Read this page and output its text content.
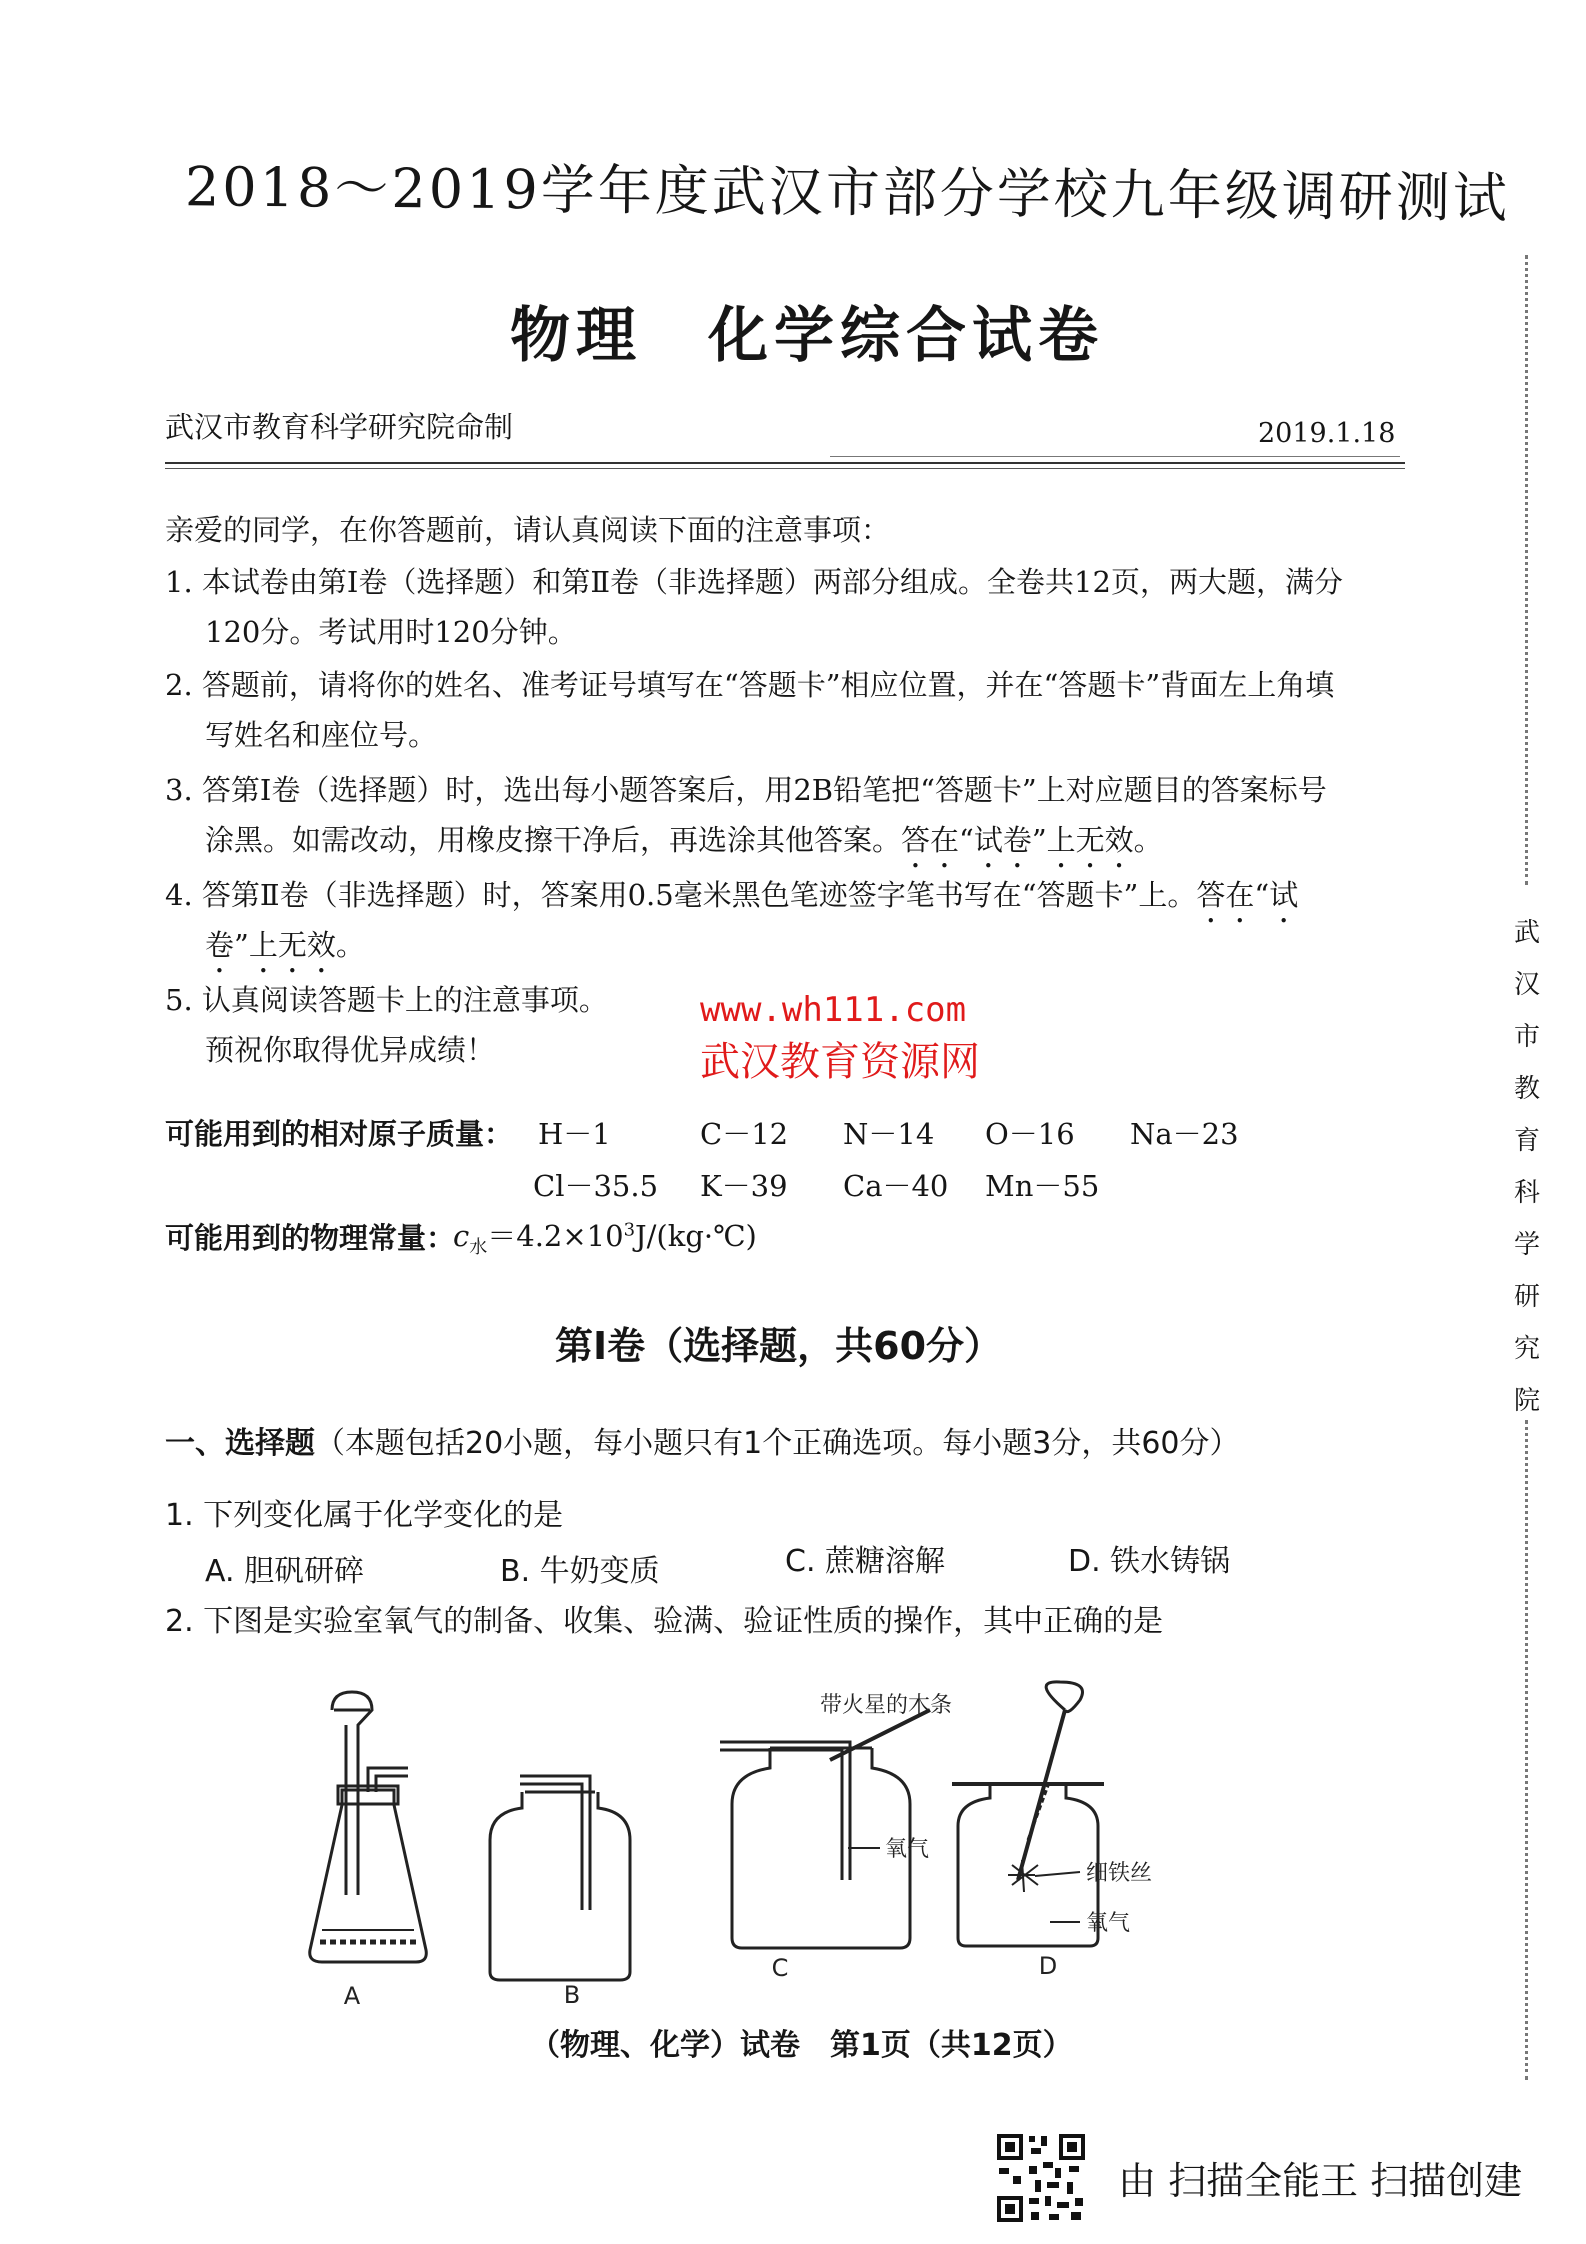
2018～2019学年度武汉市部分学校九年级调研测试
物理　化学综合试卷
武汉市教育科学研究院命制	2019.1.18
亲爱的同学，在你答题前，请认真阅读下面的注意事项：
1. 本试卷由第Ⅰ卷（选择题）和第Ⅱ卷（非选择题）两部分组成。全卷共12页，两大题，满分
120分。考试用时120分钟。
2. 答题前，请将你的姓名、准考证号填写在“答题卡”相应位置，并在“答题卡”背面左上角填
写姓名和座位号。
3. 答第Ⅰ卷（选择题）时，选出每小题答案后，用2B铅笔把“答题卡”上对应题目的答案标号
涂黑。如需改动，用橡皮擦干净后，再选涂其他答案。答在“试卷”上无效。
4. 答第Ⅱ卷（非选择题）时，答案用0.5毫米黑色笔迹签字笔书写在“答题卡”上。答在“试
卷”上无效。
5. 认真阅读答题卡上的注意事项。
预祝你取得优异成绩！
www.wh111.com
武汉教育资源网
可能用到的相对原子质量： H－1	C－12 N－14 O－16 Na－23
Cl－35.5 K－39 Ca－40 Mn－55
可能用到的物理常量：
$c_水=4.2\times 10^3J/(kg\cdot℃)$
第Ⅰ卷（选择题，共60分）
一、选择题（本题包括20小题，每小题只有1个正确选项。每小题3分，共60分）
1. 下列变化属于化学变化的是
A. 胆矾研碎	B. 牛奶变质	C. 蔗糖溶解	D. 铁水铸锅
2. 下图是实验室氧气的制备、收集、验满、验证性质的操作，其中正确的是
A	B
C	D
带火星的木条
氧气
细铁丝
氧气
（物理、化学）试卷　第1页（共12页）
武
汉
市
教
育
科
学
研
究
院
由 扫描全能王 扫描创建
